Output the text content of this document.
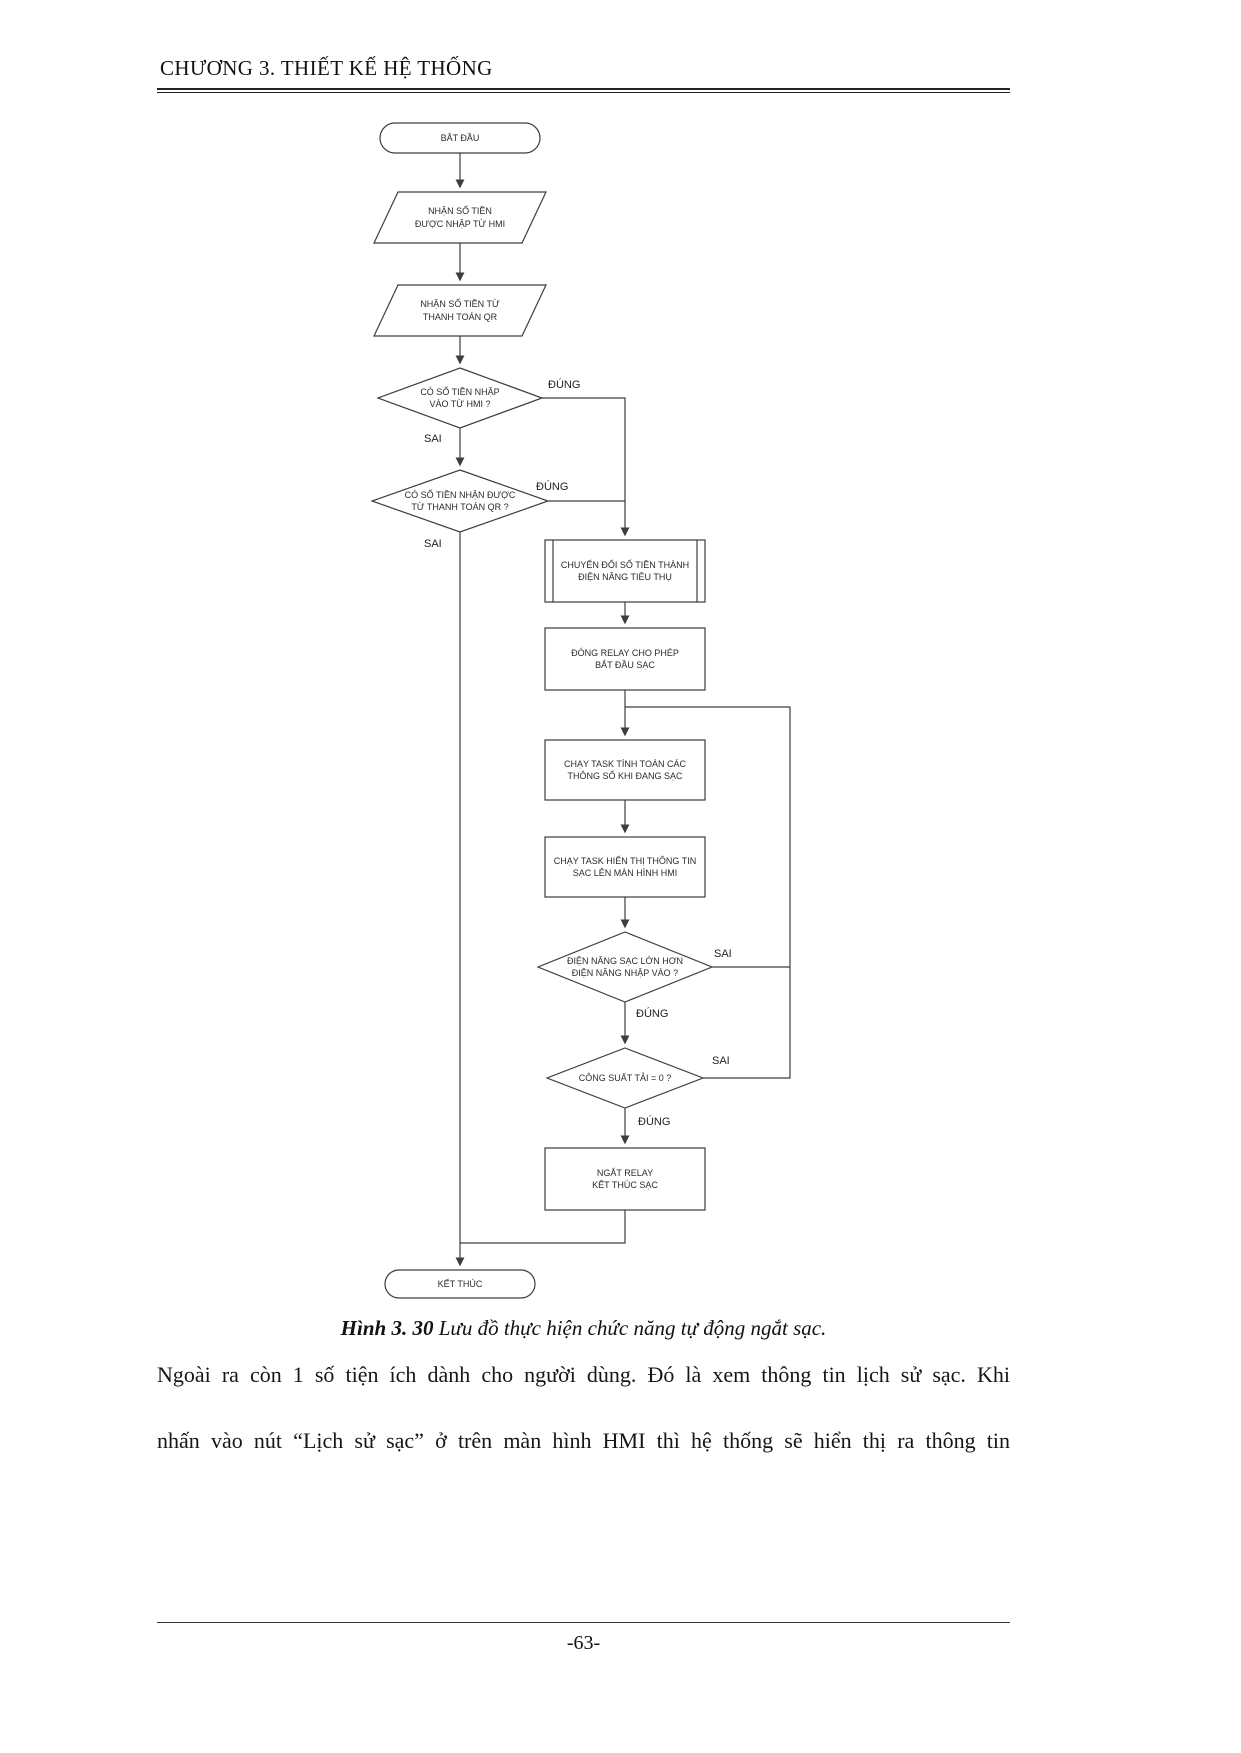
CHƯƠNG 3. THIẾT KẾ HỆ THỐNG
BẮT ĐẦU
NHẬN SỐ TIỀN
ĐƯỢC NHẬP TỪ HMI
NHẬN SỐ TIỀN TỪ
THANH TOÁN QR
CÓ SỐ TIỀN NHẬP
VÀO TỪ HMI ?
CÓ SỐ TIỀN NHẬN ĐƯỢC
TỪ THANH TOÁN QR ?
CHUYỂN ĐỔI SỐ TIỀN THÀNH
ĐIỆN NĂNG TIÊU THỤ
ĐÓNG RELAY CHO PHÉP
BẮT ĐẦU SẠC
CHẠY TASK TÍNH TOÁN CÁC
THÔNG SỐ KHI ĐANG SẠC
CHẠY TASK HIỂN THỊ THÔNG TIN
SẠC LÊN MÀN HÌNH HMI
ĐIỆN NĂNG SẠC LỚN HƠN
ĐIỆN NĂNG NHẬP VÀO ?
CÔNG SUẤT TẢI = 0 ?
NGẮT RELAY
KẾT THÚC SẠC
KẾT THÚC
ĐÚNG
SAI
ĐÚNG
SAI
SAI
ĐÚNG
SAI
ĐÚNG
Hình 3. 30 Lưu đồ thực hiện chức năng tự động ngắt sạc.
Ngoài ra còn 1 số tiện ích dành cho người dùng. Đó là xem thông tin lịch sử sạc. Khi
nhấn vào nút “Lịch sử sạc” ở trên màn hình HMI thì hệ thống sẽ hiển thị ra thông tin
-63-
